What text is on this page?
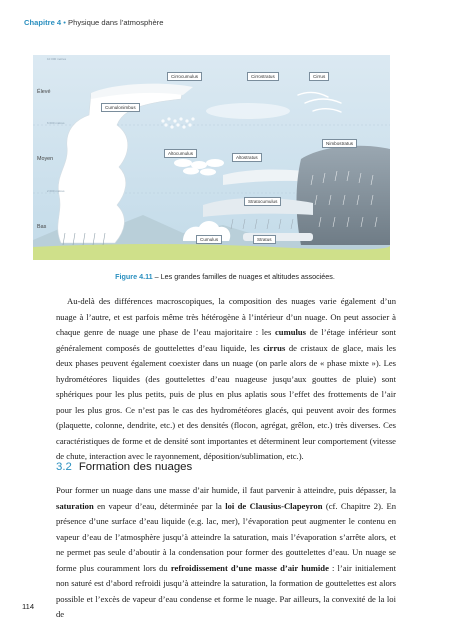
Chapitre 4 • Physique dans l’atmosphère
10 000 mètres
6 000 mètres
2 000 mètres
Élevé
Moyen
Bas
Cirrocumulus	Cirrostratus	Cirrus
Cumulonimbus
Nimbostratus
Altocumulus
Altostratus
Stratocumulus
Cumulus	Stratus
Figure 4.11 – Les grandes familles de nuages et altitudes associées.
Au-delà des différences macroscopiques, la composition des nuages varie également d’un nuage à l’autre, et est parfois même très hétérogène à l’intérieur d’un nuage. On peut associer à chaque genre de nuage une phase de l’eau majoritaire : les cumulus de l’étage inférieur sont généralement composés de gouttelettes d’eau liquide, les cirrus de cristaux de glace, mais les deux phases peuvent également coexister dans un nuage (on parle alors de « phase mixte »). Les hydrométéores liquides (des gouttelettes d’eau nuageuse jusqu’aux gouttes de pluie) sont sphériques pour les plus petits, puis de plus en plus aplatis sous l’effet des frottements de l’air pour les plus gros. Ce n’est pas le cas des hydrométéores glacés, qui peuvent avoir des formes (plaquette, colonne, dendrite, etc.) et des densités (flocon, agrégat, grêlon, etc.) très diverses. Ces caractéristiques de forme et de densité sont importantes et déterminent leur comportement (vitesse de chute, interaction avec le rayonnement, déposition/sublimation, etc.).
3.2 Formation des nuages
Pour former un nuage dans une masse d’air humide, il faut parvenir à atteindre, puis dépasser, la saturation en vapeur d’eau, déterminée par la loi de Clausius-Clapeyron (cf. Chapitre 2). En présence d’une surface d’eau liquide (e.g. lac, mer), l’évaporation peut augmenter le contenu en vapeur d’eau de l’atmosphère jusqu’à atteindre la saturation, mais l’évaporation s’arrête alors, et ne permet pas seule d’aboutir à la condensation pour former des gouttelettes d’eau. Un nuage se forme plus couramment lors du refroidissement d’une masse d’air humide : l’air initialement non saturé est d’abord refroidi jusqu’à atteindre la saturation, la formation de gouttelettes est alors possible et l’excès de vapeur d’eau condense et forme le nuage. Par ailleurs, la convexité de la loi de
114
